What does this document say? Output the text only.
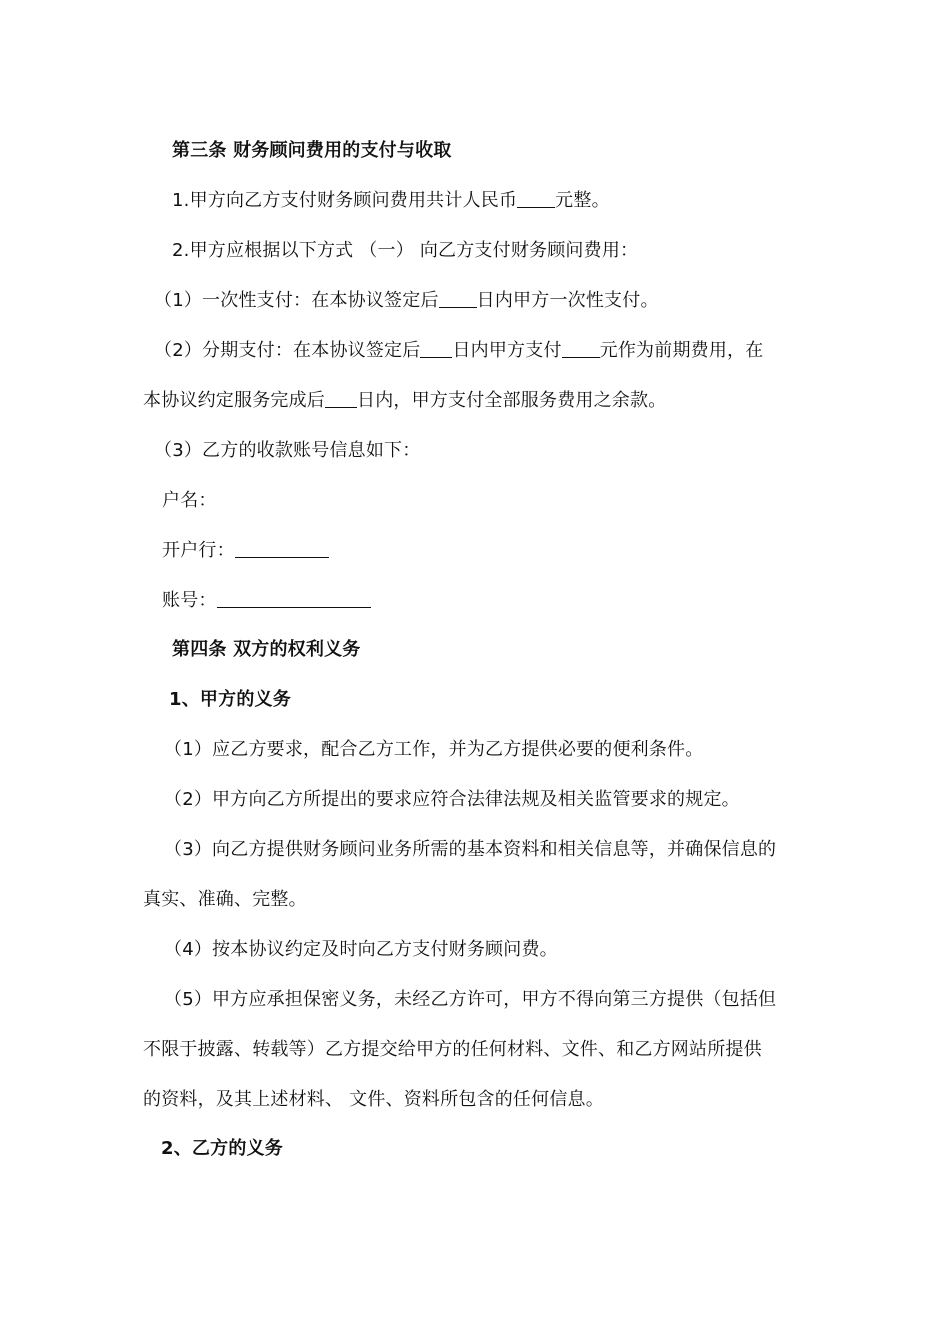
第三条 财务顾问费用的支付与收取
1.甲方向乙方支付财务顾问费用共计人民币 元整。
2.甲方应根据以下方式 （一） 向乙方支付财务顾问费用：
（1）一次性支付：在本协议签定后 日内甲方一次性支付。
（2）分期支付：在本协议签定后 日内甲方支付 元作为前期费用，在
本协议约定服务完成后 日内，甲方支付全部服务费用之余款。
（3）乙方的收款账号信息如下：
户名：
开户行：
账号：
第四条 双方的权利义务
1、甲方的义务
（1）应乙方要求，配合乙方工作，并为乙方提供必要的便利条件。
（2）甲方向乙方所提出的要求应符合法律法规及相关监管要求的规定。
（3）向乙方提供财务顾问业务所需的基本资料和相关信息等，并确保信息的
真实、准确、完整。
（4）按本协议约定及时向乙方支付财务顾问费。
（5）甲方应承担保密义务，未经乙方许可，甲方不得向第三方提供（包括但
不限于披露、转载等）乙方提交给甲方的任何材料、文件、和乙方网站所提供
的资料，及其上述材料、 文件、资料所包含的任何信息。
2、乙方的义务
